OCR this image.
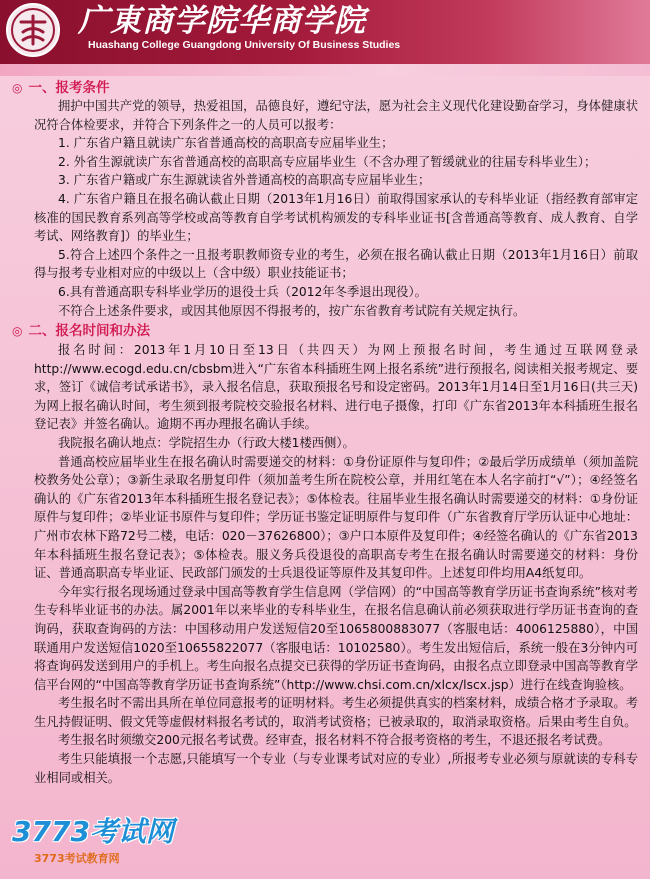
广東商学院华商学院
Huashang College Guangdong University Of Business Studies
◎ 一、报考条件

拥护中国共产党的领导，热爱祖国，品德良好，遵纪守法，愿为社会主义现代化建设勤奋学习，身体健康状况符合体检要求，并符合下列条件之一的人员可以报考：

1. 广东省户籍且就读广东省普通高校的高职高专应届毕业生；

2. 外省生源就读广东省普通高校的高职高专应届毕业生（不含办理了暂缓就业的往届专科毕业生）；

3. 广东省户籍或广东生源就读省外普通高校的高职高专应届毕业生；

4. 广东省户籍且在报名确认截止日期（2013年1月16日）前取得国家承认的专科毕业证（指经教育部审定核准的国民教育系列高等学校或高等教育自学考试机构颁发的专科毕业证书[含普通高等教育、成人教育、自学考试、网络教育]）的毕业生；

5.符合上述四个条件之一且报考职教师资专业的考生，必须在报名确认截止日期（2013年1月16日）前取得与报考专业相对应的中级以上（含中级）职业技能证书；

6.具有普通高职专科毕业学历的退役士兵（2012年冬季退出现役）。

不符合上述条件要求，或因其他原因不得报考的，按广东省教育考试院有关规定执行。

◎ 二、报名时间和办法

报名时间：2013年1月10日至13日（共四天）为网上预报名时间，考生通过互联网登录http://www.ecogd.edu.cn/cbsbm进入“广东省本科插班生网上报名系统”进行预报名, 阅读相关报考规定、要求，签订《诚信考试承诺书》，录入报名信息，获取预报名号和设定密码。2013年1月14日至1月16日(共三天)为网上报名确认时间，考生须到报考院校交验报名材料、进行电子摄像，打印《广东省2013年本科插班生报名登记表》并签名确认。逾期不再办理报名确认手续。

我院报名确认地点：学院招生办（行政大楼1楼西侧）。

普通高校应届毕业生在报名确认时需要递交的材料：①身份证原件与复印件；②最后学历成绩单（须加盖院校教务处公章）；③新生录取名册复印件（须加盖考生所在院校公章，并用红笔在本人名字前打“√”）；④经签名确认的《广东省2013年本科插班生报名登记表》；⑤体检表。往届毕业生报名确认时需要递交的材料：①身份证原件与复印件；②毕业证书原件与复印件；学历证书鉴定证明原件与复印件（广东省教育厅学历认证中心地址：广州市农林下路72号二楼，电话：020－37626800）；③户口本原件及复印件；④经签名确认的《广东省2013年本科插班生报名登记表》；⑤体检表。服义务兵役退役的高职高专考生在报名确认时需要递交的材料：身份证、普通高职高专毕业证、民政部门颁发的士兵退役证等原件及其复印件。上述复印件均用A4纸复印。

今年实行报名现场通过登录中国高等教育学生信息网（学信网）的“中国高等教育学历证书查询系统”核对考生专科毕业证书的办法。属2001年以来毕业的专科毕业生，在报名信息确认前必须获取进行学历证书查询的查询码，获取查询码的方法：中国移动用户发送短信20至1065800883077（客服电话：4006125880），中国联通用户发送短信1020至10655822077（客服电话：10102580）。考生发出短信后，系统一般在3分钟内可将查询码发送到用户的手机上。考生向报名点提交已获得的学历证书查询码，由报名点立即登录中国高等教育学信平台网的“中国高等教育学历证书查询系统”（http://www.chsi.com.cn/xlcx/lscx.jsp）进行在线查询验核。

考生报名时不需出具所在单位同意报考的证明材料。考生必须提供真实的档案材料，成绩合格才予录取。考生凡持假证明、假文凭等虚假材料报名考试的，取消考试资格；已被录取的，取消录取资格。后果由考生自负。

考生报名时须缴交200元报名考试费。经审查，报名材料不符合报考资格的考生，不退还报名考试费。

考生只能填报一个志愿,只能填写一个专业（与专业课考试对应的专业）,所报考专业必须与原就读的专科专业相同或相关。

3773考试网
3773考试教育网
